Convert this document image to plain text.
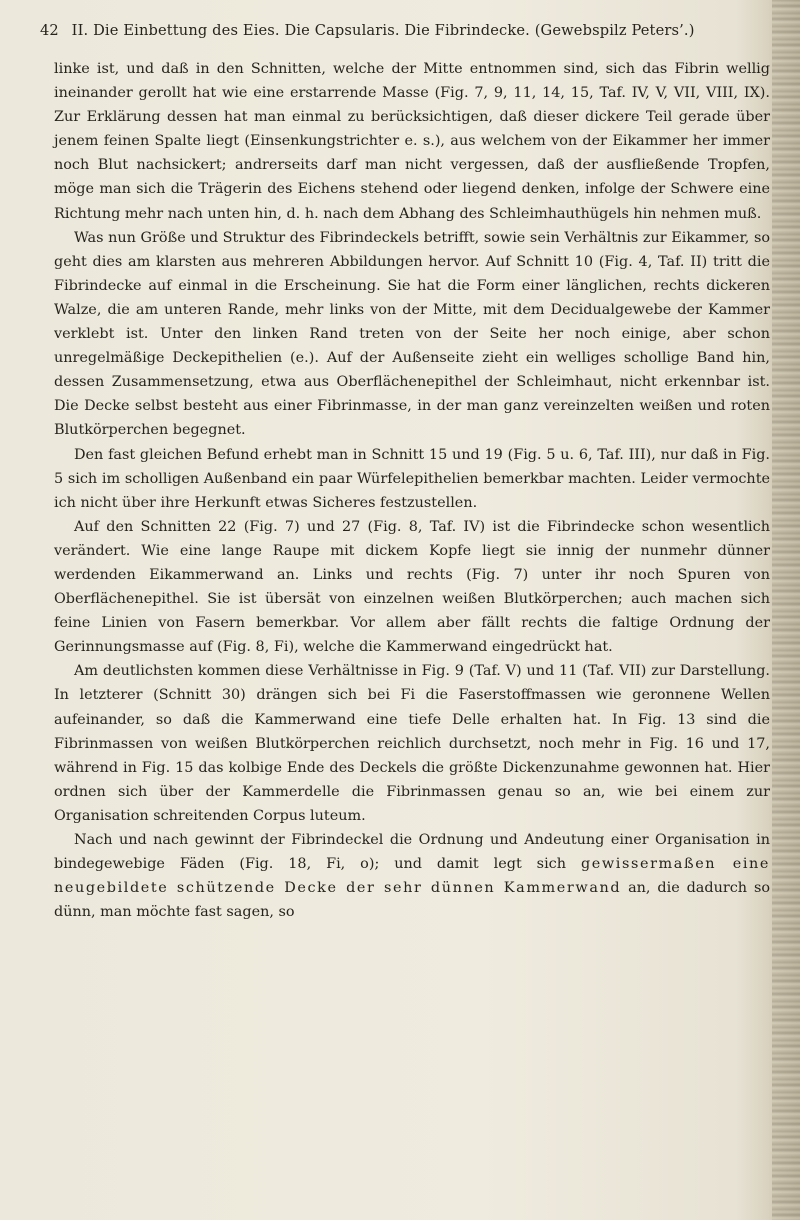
42 II. Die Einbettung des Eies. Die Capsularis. Die Fibrindecke. (Gewebspilz Peters’.)

linke ist, und daß in den Schnitten, welche der Mitte entnommen sind, sich das Fibrin wellig ineinander gerollt hat wie eine erstarrende Masse (Fig. 7, 9, 11, 14, 15, Taf. IV, V, VII, VIII, IX). Zur Erklärung dessen hat man einmal zu berücksichtigen, daß dieser dickere Teil gerade über jenem feinen Spalte liegt (Einsenkungstrichter e. s.), aus welchem von der Eikammer her immer noch Blut nachsickert; andrerseits darf man nicht vergessen, daß der ausfließende Tropfen, möge man sich die Trägerin des Eichens stehend oder liegend denken, infolge der Schwere eine Richtung mehr nach unten hin, d. h. nach dem Abhang des Schleimhauthügels hin nehmen muß.

Was nun Größe und Struktur des Fibrindeckels betrifft, sowie sein Verhältnis zur Eikammer, so geht dies am klarsten aus mehreren Abbildungen hervor. Auf Schnitt 10 (Fig. 4, Taf. II) tritt die Fibrindecke auf einmal in die Erscheinung. Sie hat die Form einer länglichen, rechts dickeren Walze, die am unteren Rande, mehr links von der Mitte, mit dem Decidualgewebe der Kammer verklebt ist. Unter den linken Rand treten von der Seite her noch einige, aber schon unregelmäßige Deckepithelien (e.). Auf der Außenseite zieht ein welliges schollige Band hin, dessen Zusammensetzung, etwa aus Oberflächenepithel der Schleimhaut, nicht erkennbar ist. Die Decke selbst besteht aus einer Fibrinmasse, in der man ganz vereinzelten weißen und roten Blutkörperchen begegnet.

Den fast gleichen Befund erhebt man in Schnitt 15 und 19 (Fig. 5 u. 6, Taf. III), nur daß in Fig. 5 sich im scholligen Außenband ein paar Würfelepithelien bemerkbar machten. Leider vermochte ich nicht über ihre Herkunft etwas Sicheres festzustellen.

Auf den Schnitten 22 (Fig. 7) und 27 (Fig. 8, Taf. IV) ist die Fibrindecke schon wesentlich verändert. Wie eine lange Raupe mit dickem Kopfe liegt sie innig der nunmehr dünner werdenden Eikammerwand an. Links und rechts (Fig. 7) unter ihr noch Spuren von Oberflächenepithel. Sie ist übersät von einzelnen weißen Blutkörperchen; auch machen sich feine Linien von Fasern bemerkbar. Vor allem aber fällt rechts die faltige Ordnung der Gerinnungsmasse auf (Fig. 8, Fi), welche die Kammerwand eingedrückt hat.

Am deutlichsten kommen diese Verhältnisse in Fig. 9 (Taf. V) und 11 (Taf. VII) zur Darstellung. In letzterer (Schnitt 30) drängen sich bei Fi die Faserstoffmassen wie geronnene Wellen aufeinander, so daß die Kammerwand eine tiefe Delle erhalten hat. In Fig. 13 sind die Fibrinmassen von weißen Blutkörperchen reichlich durchsetzt, noch mehr in Fig. 16 und 17, während in Fig. 15 das kolbige Ende des Deckels die größte Dickenzunahme gewonnen hat. Hier ordnen sich über der Kammerdelle die Fibrinmassen genau so an, wie bei einem zur Organisation schreitenden Corpus luteum.

Nach und nach gewinnt der Fibrindeckel die Ordnung und Andeutung einer Organisation in bindegewebige Fäden (Fig. 18, Fi, o); und damit legt sich gewissermaßen eine neugebildete schützende Decke der sehr dünnen Kammerwand an, die dadurch so dünn, man möchte fast sagen, so
